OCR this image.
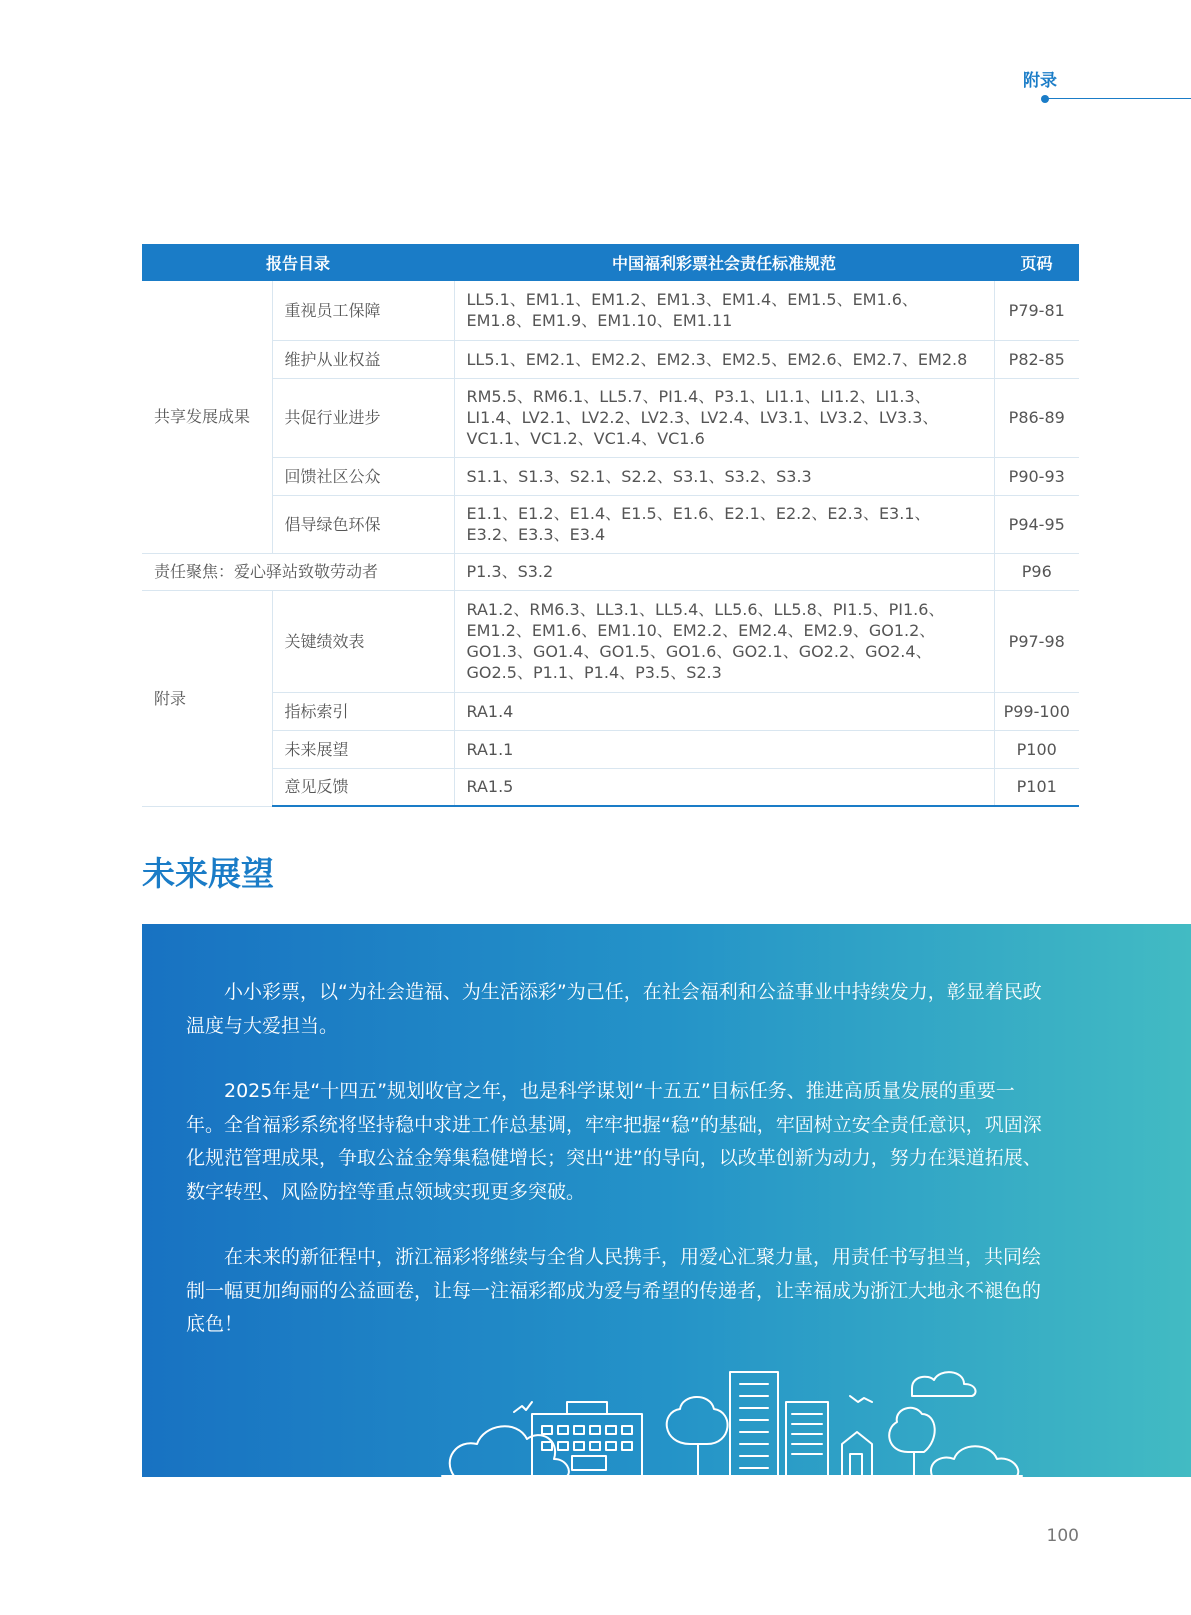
附录
报告目录		中国福利彩票社会责任标准规范	页码
共享发展成果	重视员工保障	LL5.1、EM1.1、EM1.2、EM1.3、EM1.4、EM1.5、EM1.6、EM1.8、EM1.9、EM1.10、EM1.11	P79-81
	维护从业权益	LL5.1、EM2.1、EM2.2、EM2.3、EM2.5、EM2.6、EM2.7、EM2.8	P82-85
	共促行业进步	RM5.5、RM6.1、LL5.7、PI1.4、P3.1、LI1.1、LI1.2、LI1.3、LI1.4、LV2.1、LV2.2、LV2.3、LV2.4、LV3.1、LV3.2、LV3.3、VC1.1、VC1.2、VC1.4、VC1.6	P86-89
	回馈社区公众	S1.1、S1.3、S2.1、S2.2、S3.1、S3.2、S3.3	P90-93
	倡导绿色环保	E1.1、E1.2、E1.4、E1.5、E1.6、E2.1、E2.2、E2.3、E3.1、E3.2、E3.3、E3.4	P94-95
责任聚焦：爱心驿站致敬劳动者		P1.3、S3.2	P96
附录	关键绩效表	RA1.2、RM6.3、LL3.1、LL5.4、LL5.6、LL5.8、PI1.5、PI1.6、EM1.2、EM1.6、EM1.10、EM2.2、EM2.4、EM2.9、GO1.2、GO1.3、GO1.4、GO1.5、GO1.6、GO2.1、GO2.2、GO2.4、GO2.5、P1.1、P1.4、P3.5、S2.3	P97-98
	指标索引	RA1.4	P99-100
	未来展望	RA1.1	P100
	意见反馈	RA1.5	P101
未来展望

小小彩票，以“为社会造福、为生活添彩”为己任，在社会福利和公益事业中持续发力，彰显着民政温度与大爱担当。

2025年是“十四五”规划收官之年，也是科学谋划“十五五”目标任务、推进高质量发展的重要一年。全省福彩系统将坚持稳中求进工作总基调，牢牢把握“稳”的基础，牢固树立安全责任意识，巩固深化规范管理成果，争取公益金筹集稳健增长；突出“进”的导向，以改革创新为动力，努力在渠道拓展、数字转型、风险防控等重点领域实现更多突破。

在未来的新征程中，浙江福彩将继续与全省人民携手，用爱心汇聚力量，用责任书写担当，共同绘制一幅更加绚丽的公益画卷，让每一注福彩都成为爱与希望的传递者，让幸福成为浙江大地永不褪色的底色！

100
